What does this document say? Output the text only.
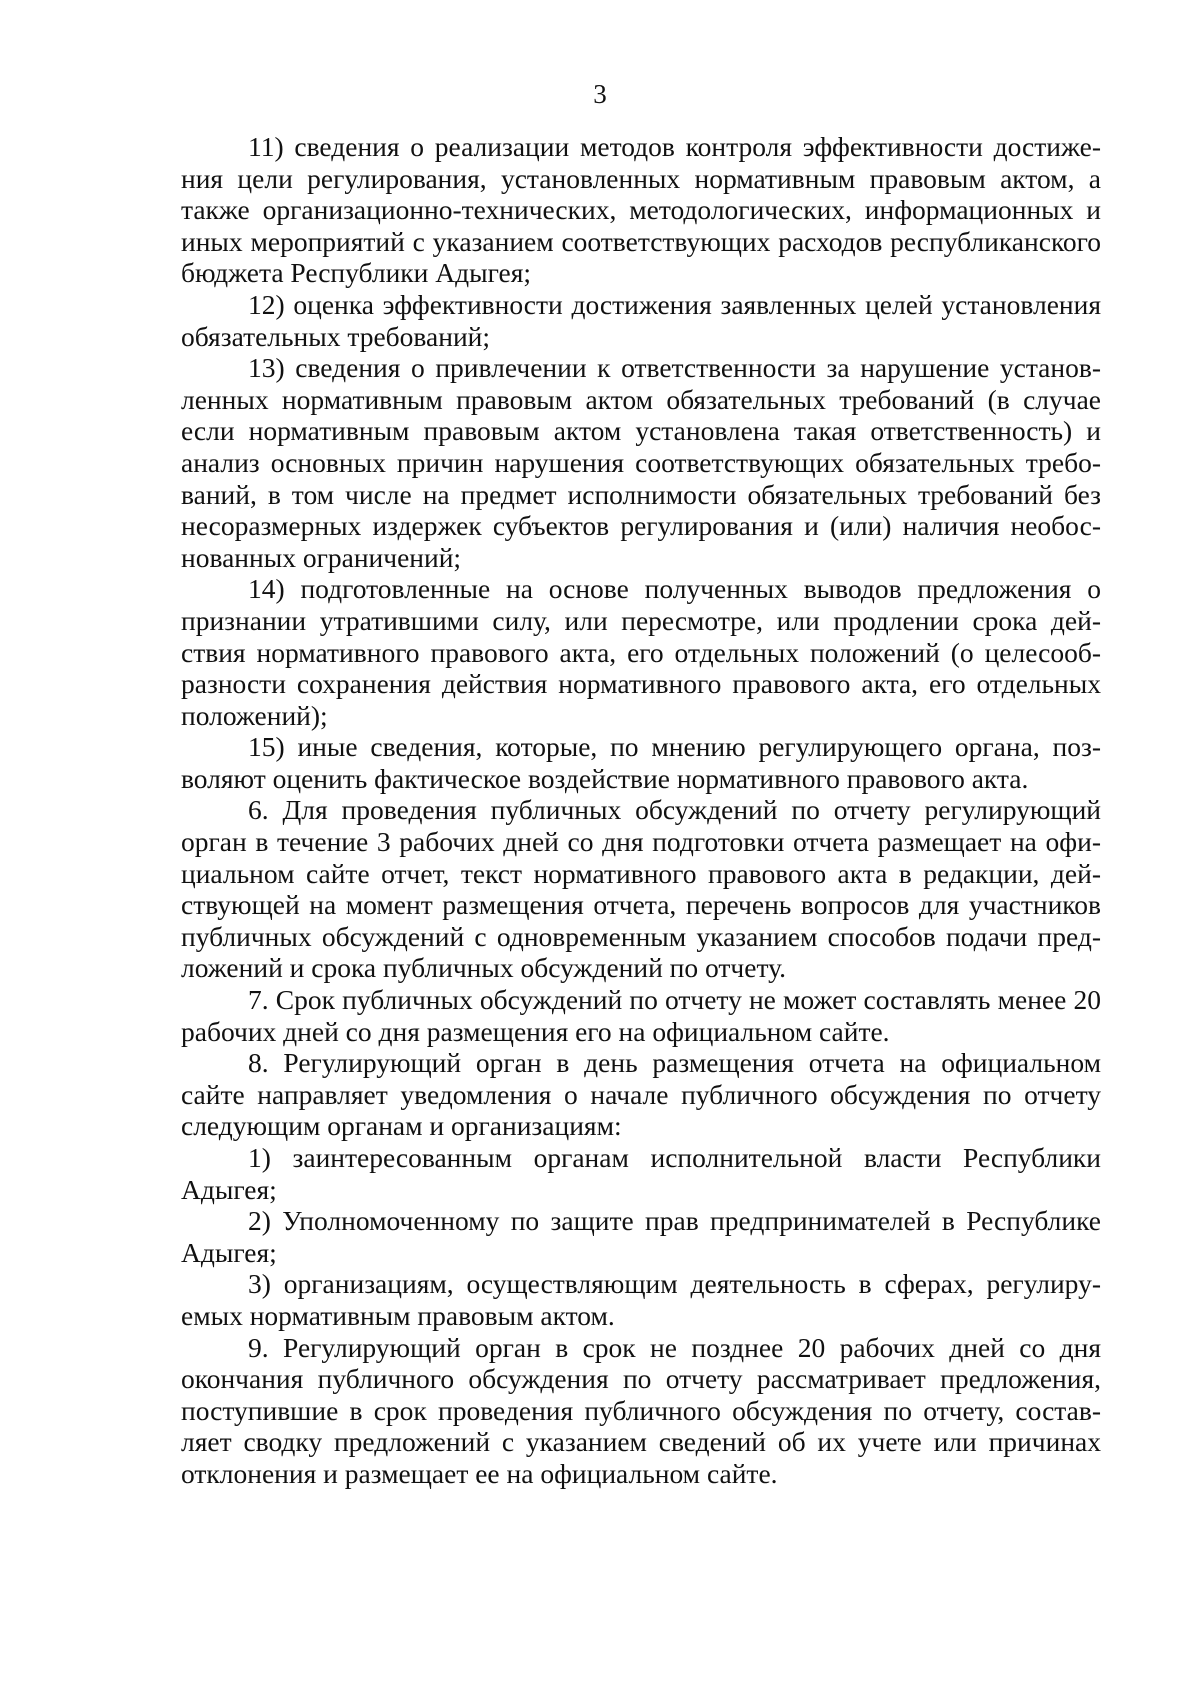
3

11) сведения о реализации методов контроля эффективности достижения цели регулирования, установленных нормативным правовым актом, а также организационно-технических, методологических, информационных и иных мероприятий с указанием соответствующих расходов республиканского бюджета Республики Адыгея;

12) оценка эффективности достижения заявленных целей установления обязательных требований;

13) сведения о привлечении к ответственности за нарушение установленных нормативным правовым актом обязательных требований (в случае если нормативным правовым актом установлена такая ответственность) и анализ основных причин нарушения соответствующих обязательных требований, в том числе на предмет исполнимости обязательных требований без несоразмерных издержек субъектов регулирования и (или) наличия необоснованных ограничений;

14) подготовленные на основе полученных выводов предложения о признании утратившими силу, или пересмотре, или продлении срока действия нормативного правового акта, его отдельных положений (о целесообразности сохранения действия нормативного правового акта, его отдельных положений);

15) иные сведения, которые, по мнению регулирующего органа, позволяют оценить фактическое воздействие нормативного правового акта.

6. Для проведения публичных обсуждений по отчету регулирующий орган в течение 3 рабочих дней со дня подготовки отчета размещает на официальном сайте отчет, текст нормативного правового акта в редакции, действующей на момент размещения отчета, перечень вопросов для участников публичных обсуждений с одновременным указанием способов подачи предложений и срока публичных обсуждений по отчету.

7. Срок публичных обсуждений по отчету не может составлять менее 20 рабочих дней со дня размещения его на официальном сайте.

8. Регулирующий орган в день размещения отчета на официальном сайте направляет уведомления о начале публичного обсуждения по отчету следующим органам и организациям:

1) заинтересованным органам исполнительной власти Республики Адыгея;

2) Уполномоченному по защите прав предпринимателей в Республике Адыгея;

3) организациям, осуществляющим деятельность в сферах, регулируемых нормативным правовым актом.

9. Регулирующий орган в срок не позднее 20 рабочих дней со дня окончания публичного обсуждения по отчету рассматривает предложения, поступившие в срок проведения публичного обсуждения по отчету, составляет сводку предложений с указанием сведений об их учете или причинах отклонения и размещает ее на официальном сайте.
